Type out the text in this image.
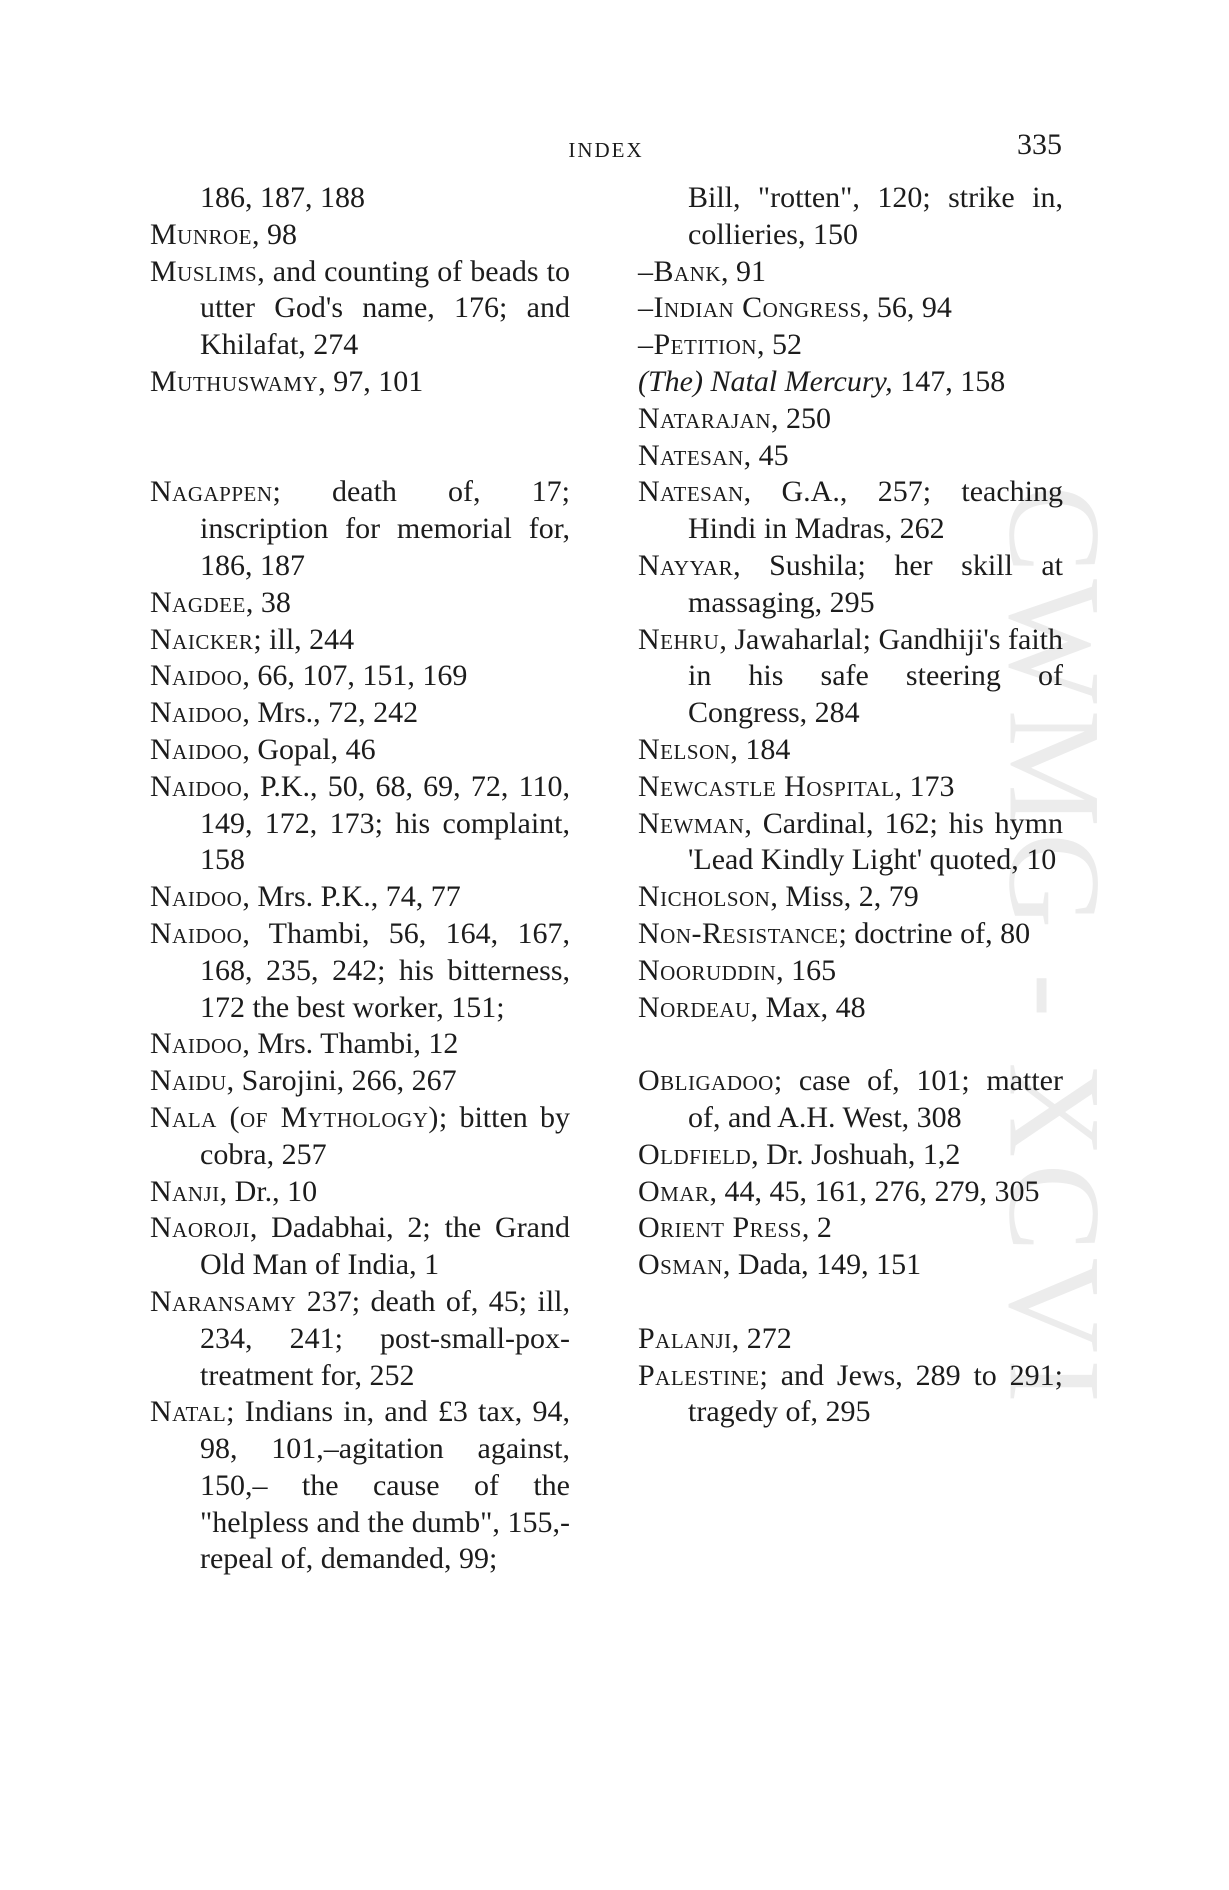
INDEX	335
CWMG - XCVI
186, 187, 188
Munroe, 98
Muslims, and counting of beads to utter God's name, 176; and Khilafat, 274
Muthuswamy, 97, 101
Nagappen; death of, 17; inscription for memorial for, 186, 187
Nagdee, 38
Naicker; ill, 244
Naidoo, 66, 107, 151, 169
Naidoo, Mrs., 72, 242
Naidoo, Gopal, 46
Naidoo, P.K., 50, 68, 69, 72, 110, 149, 172, 173; his complaint, 158
Naidoo, Mrs. P.K., 74, 77
Naidoo, Thambi, 56, 164, 167, 168, 235, 242; his bitterness, 172 the best worker, 151;
Naidoo, Mrs. Thambi, 12
Naidu, Sarojini, 266, 267
Nala (of Mythology); bitten by cobra, 257
Nanji, Dr., 10
Naoroji, Dadabhai, 2; the Grand Old Man of India, 1
Naransamy 237; death of, 45; ill, 234, 241; post-small-pox-treatment for, 252
Natal; Indians in, and £3 tax, 94, 98, 101,–agitation against, 150,– the cause of the "helpless and the dumb", 155,- repeal of, demanded, 99;
Bill, "rotten", 120; strike in, collieries, 150
–Bank, 91
–Indian Congress, 56, 94
–Petition, 52
(The) Natal Mercury, 147, 158
Natarajan, 250
Natesan, 45
Natesan, G.A., 257; teaching Hindi in Madras, 262
Nayyar, Sushila; her skill at massaging, 295
Nehru, Jawaharlal; Gandhiji's faith in his safe steering of Congress, 284
Nelson, 184
Newcastle Hospital, 173
Newman, Cardinal, 162; his hymn 'Lead Kindly Light' quoted, 10
Nicholson, Miss, 2, 79
Non-Resistance; doctrine of, 80
Nooruddin, 165
Nordeau, Max, 48
Obligadoo; case of, 101; matter of, and A.H. West, 308
Oldfield, Dr. Joshuah, 1,2
Omar, 44, 45, 161, 276, 279, 305
Orient Press, 2
Osman, Dada, 149, 151
Palanji, 272
Palestine; and Jews, 289 to 291; tragedy of, 295
